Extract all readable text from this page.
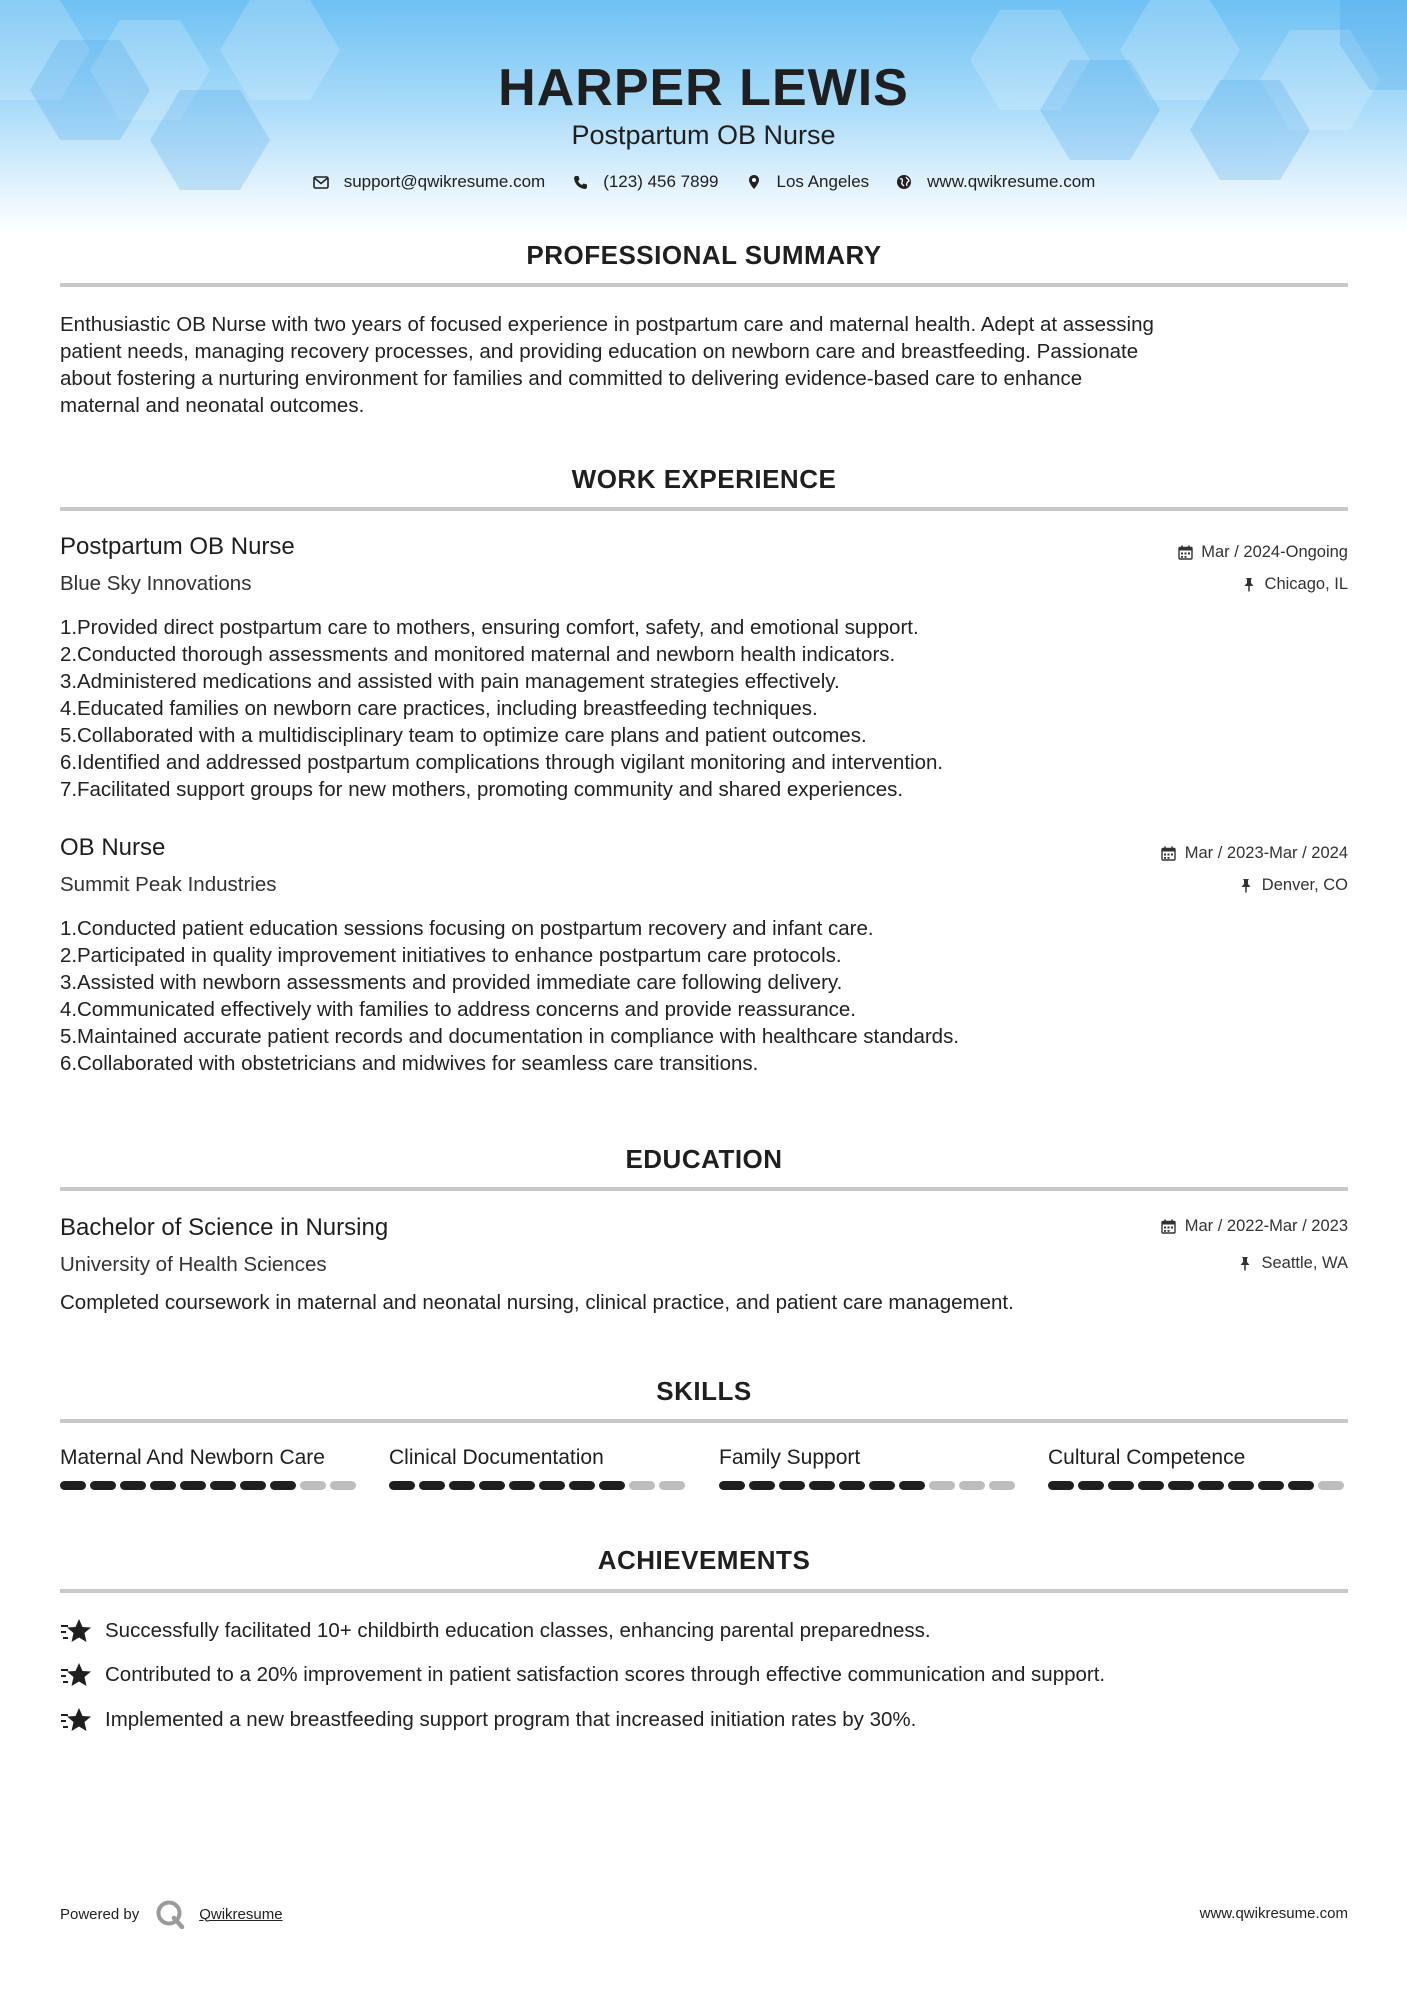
HARPER LEWIS
Postpartum OB Nurse
support@qwikresume.com	(123) 456 7899	Los Angeles	www.qwikresume.com
PROFESSIONAL SUMMARY
Enthusiastic OB Nurse with two years of focused experience in postpartum care and maternal health. Adept at assessing
patient needs, managing recovery processes, and providing education on newborn care and breastfeeding. Passionate
about fostering a nurturing environment for families and committed to delivering evidence-based care to enhance
maternal and neonatal outcomes.
WORK EXPERIENCE
Postpartum OB Nurse
Blue Sky Innovations
Mar / 2024-Ongoing
Chicago, IL
1. Provided direct postpartum care to mothers, ensuring comfort, safety, and emotional support.
2. Conducted thorough assessments and monitored maternal and newborn health indicators.
3. Administered medications and assisted with pain management strategies effectively.
4. Educated families on newborn care practices, including breastfeeding techniques.
5. Collaborated with a multidisciplinary team to optimize care plans and patient outcomes.
6. Identified and addressed postpartum complications through vigilant monitoring and intervention.
7. Facilitated support groups for new mothers, promoting community and shared experiences.
OB Nurse
Summit Peak Industries
Mar / 2023-Mar / 2024
Denver, CO
1. Conducted patient education sessions focusing on postpartum recovery and infant care.
2. Participated in quality improvement initiatives to enhance postpartum care protocols.
3. Assisted with newborn assessments and provided immediate care following delivery.
4. Communicated effectively with families to address concerns and provide reassurance.
5. Maintained accurate patient records and documentation in compliance with healthcare standards.
6. Collaborated with obstetricians and midwives for seamless care transitions.
EDUCATION
Bachelor of Science in Nursing
University of Health Sciences
Mar / 2022-Mar / 2023
Seattle, WA
Completed coursework in maternal and neonatal nursing, clinical practice, and patient care management.
SKILLS
Maternal And Newborn Care	Clinical Documentation	Family Support	Cultural Competence
ACHIEVEMENTS
Successfully facilitated 10+ childbirth education classes, enhancing parental preparedness.
Contributed to a 20% improvement in patient satisfaction scores through effective communication and support.
Implemented a new breastfeeding support program that increased initiation rates by 30%.
Powered by	Qwikresume	www.qwikresume.com
